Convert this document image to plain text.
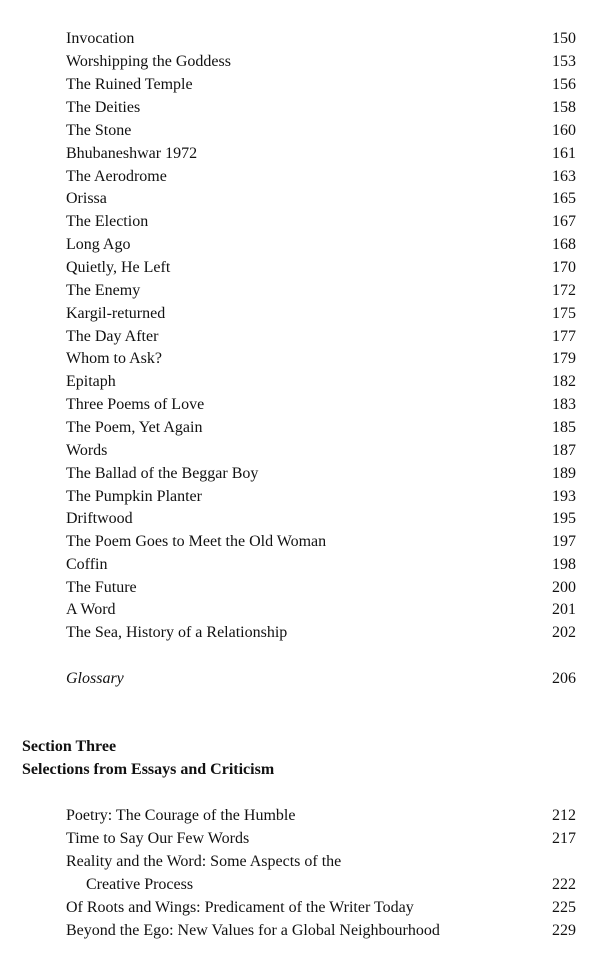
Invocation	150
Worshipping the Goddess	153
The Ruined Temple	156
The Deities	158
The Stone	160
Bhubaneshwar 1972	161
The Aerodrome	163
Orissa	165
The Election	167
Long Ago	168
Quietly, He Left	170
The Enemy	172
Kargil-returned	175
The Day After	177
Whom to Ask?	179
Epitaph	182
Three Poems of Love	183
The Poem, Yet Again	185
Words	187
The Ballad of the Beggar Boy	189
The Pumpkin Planter	193
Driftwood	195
The Poem Goes to Meet the Old Woman	197
Coffin	198
The Future	200
A Word	201
The Sea, History of a Relationship	202
Glossary	206
Section Three
Selections from Essays and Criticism
Poetry: The Courage of the Humble	212
Time to Say Our Few Words	217
Reality and the Word: Some Aspects of the
Creative Process	222
Of Roots and Wings: Predicament of the Writer Today	225
Beyond the Ego: New Values for a Global Neighbourhood	229
